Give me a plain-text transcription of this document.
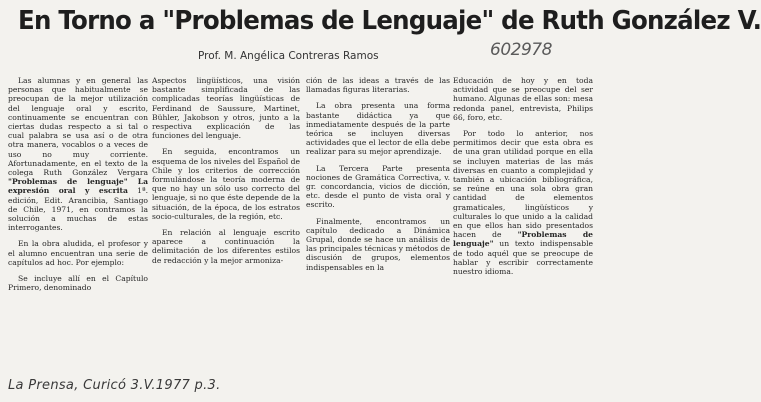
En Torno a "Problemas de Lenguaje" de Ruth González V.
Prof. M. Angélica Contreras Ramos	602978

Las alumnas y en general las personas que habitualmente se preocupan de la mejor utilización del lenguaje oral y escrito, continuamente se encuentran con ciertas dudas respecto a si tal o cual palabra se usa así o de otra otra manera, vocablos o a veces de uso no muy corriente. Afortunadamente, en el texto de la colega Ruth González Vergara "Problemas de lenguaje" La expresión oral y escrita 1ª. edición, Edit. Arancibia, Santiago de Chile, 1971, en contramos la solución a muchas de estas interrogantes.

En la obra aludida, el profesor y el alumno encuentran una serie de capítulos ad hoc. Por ejemplo:

Se incluye allí en el Capítulo Primero, denominado

Aspectos lingüísticos, una visión bastante simplificada de las complicadas teorías lingüísticas de Ferdinand de Saussure, Martinet, Bühler, Jakobson y otros, junto a la respectiva explicación de las funciones del lenguaje.

En seguida, encontramos un esquema de los niveles del Español de Chile y los criterios de corrección formulándose la teoría moderna de que no hay un sólo uso correcto del lenguaje, si no que éste depende de la situación, de la época, de los estratos socio-culturales, de la región, etc.

En relación al lenguaje escrito aparece a continuación la delimitación de los diferentes estilos de redacción y la mejor armoniza-

ción de las ideas a través de las llamadas figuras literarias.

La obra presenta una forma bastante didáctica ya que inmediatamente después de la parte teórica se incluyen diversas actividades que el lector de ella debe realizar para su mejor aprendizaje.

La Tercera Parte presenta nociones de Gramática Correctiva, v. gr. concordancia, vicios de dicción, etc. desde el punto de vista oral y escrito.

Finalmente, encontramos un capítulo dedicado a Dinámica Grupal, donde se hace un análisis de las principales técnicas y métodos de discusión de grupos, elementos indispensables en la

Educación de hoy y en toda actividad que se preocupe del ser humano. Algunas de ellas son: mesa redonda panel, entrevista, Philips 66, foro, etc.

Por todo lo anterior, nos permitimos decir que esta obra es de una gran utilidad porque en ella se incluyen materias de las más diversas en cuanto a complejidad y también a ubicación bibliográfica, se reúne en una sola obra gran cantidad de elementos gramaticales, lingüísticos y culturales lo que unido a la calidad en que ellos han sido presentados hacen de "Problemas de lenguaje" un texto indispensable de todo aquél que se preocupe de hablar y escribir correctamente nuestro idioma.

La Prensa, Curicó 3.V.1977 p.3.
